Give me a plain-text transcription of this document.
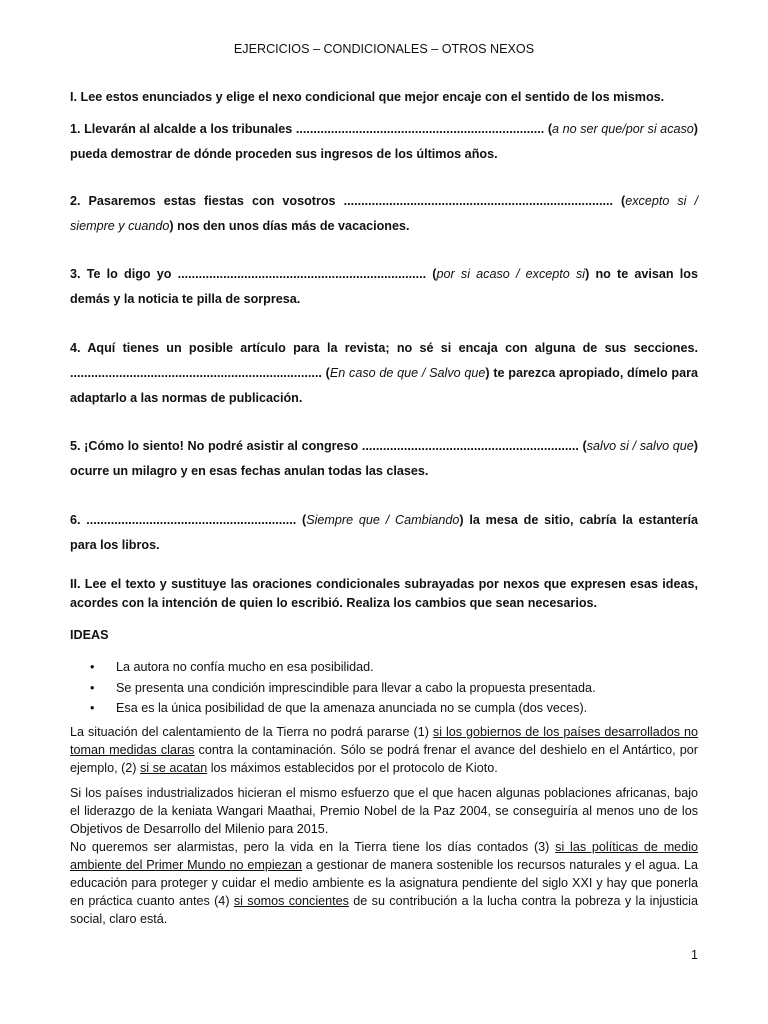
EJERCICIOS – CONDICIONALES – OTROS NEXOS
I. Lee estos enunciados y elige el nexo condicional que mejor encaje con el sentido de los mismos.
1. Llevarán al alcalde a los tribunales ....................................................................... (a no ser que/por si acaso) pueda demostrar de dónde proceden sus ingresos de los últimos años.
2. Pasaremos estas fiestas con vosotros ............................................................................. (excepto si / siempre y cuando) nos den unos días más de vacaciones.
3. Te lo digo yo ....................................................................... (por si acaso / excepto si) no te avisan los demás y la noticia te pilla de sorpresa.
4. Aquí tienes un posible artículo para la revista; no sé si encaja con alguna de sus secciones. ........................................................................ (En caso de que / Salvo que) te parezca apropiado, dímelo para adaptarlo a las normas de publicación.
5. ¡Cómo lo siento! No podré asistir al congreso .............................................................. (salvo si / salvo que) ocurre un milagro y en esas fechas anulan todas las clases.
6. ............................................................ (Siempre que / Cambiando) la mesa de sitio, cabría la estantería para los libros.
II. Lee el texto y sustituye las oraciones condicionales subrayadas por nexos que expresen esas ideas, acordes con la intención de quien lo escribió. Realiza los cambios que sean necesarios.
IDEAS
• La autora no confía mucho en esa posibilidad.
• Se presenta una condición imprescindible para llevar a cabo la propuesta presentada.
• Esa es la única posibilidad de que la amenaza anunciada no se cumpla (dos veces).
La situación del calentamiento de la Tierra no podrá pararse (1) si los gobiernos de los países desarrollados no toman medidas claras contra la contaminación. Sólo se podrá frenar el avance del deshielo en el Antártico, por ejemplo, (2) si se acatan los máximos establecidos por el protocolo de Kioto.
Si los países industrializados hicieran el mismo esfuerzo que el que hacen algunas poblaciones africanas, bajo el liderazgo de la keniata Wangari Maathai, Premio Nobel de la Paz 2004, se conseguiría al menos uno de los Objetivos de Desarrollo del Milenio para 2015.
No queremos ser alarmistas, pero la vida en la Tierra tiene los días contados (3) si las políticas de medio ambiente del Primer Mundo no empiezan a gestionar de manera sostenible los recursos naturales y el agua. La educación para proteger y cuidar el medio ambiente es la asignatura pendiente del siglo XXI y hay que ponerla en práctica cuanto antes (4) si somos concientes de su contribución a la lucha contra la pobreza y la injusticia social, claro está.
1
